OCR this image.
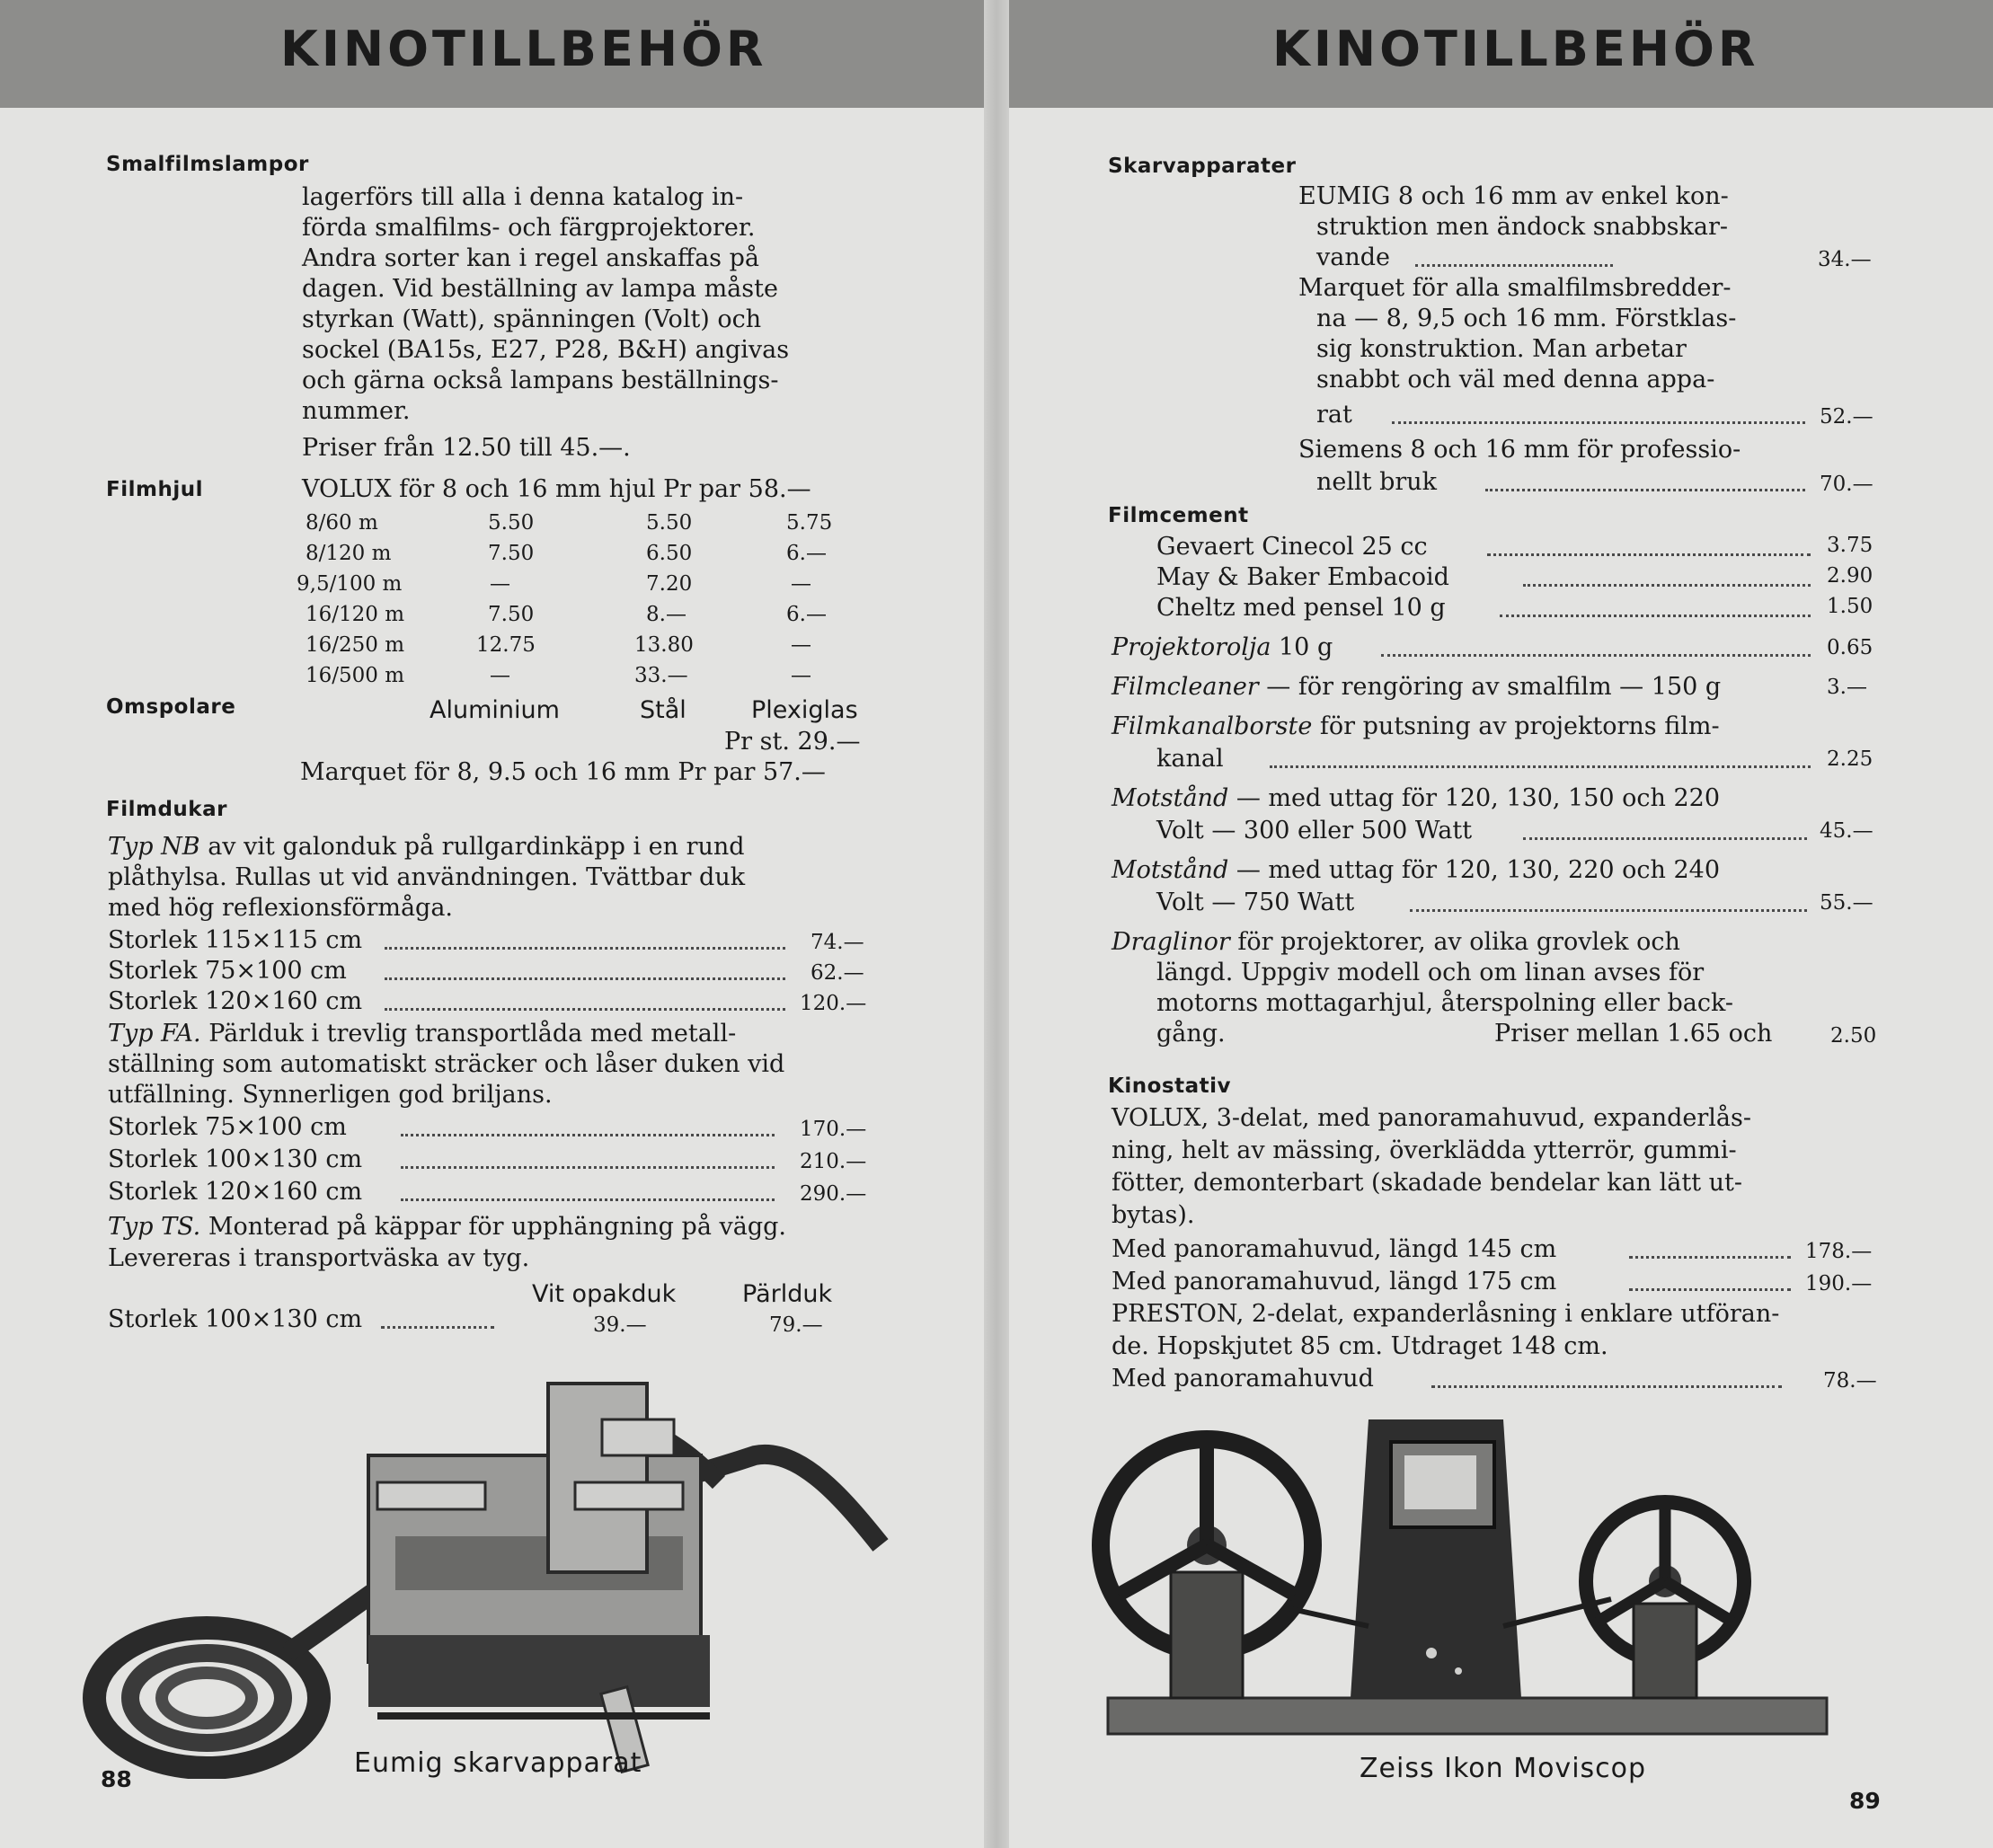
KINOTILLBEHÖR
Smalfilmslampor
lagerförs till alla i denna katalog in-
förda smalfilms- och färgprojektorer.
Andra sorter kan i regel anskaffas på
dagen. Vid beställning av lampa måste
styrkan (Watt), spänningen (Volt) och
sockel (BA15s, E27, P28, B&H) angivas
och gärna också lampans beställnings-
nummer.
Priser från 12.50 till 45.—.
Filmhjul	VOLUX för 8 och 16 mm hjul Pr par 58.—
8/60 m	5.50	5.50	5.75
8/120 m	7.50	6.50	6.—
9,5/100 m	—	7.20	—
16/120 m	7.50	8.—	6.—
16/250 m	12.75	13.80	—
16/500 m	—	33.—	—
Omspolare	Aluminium	Stål	Plexiglas
Pr st. 29.—
Marquet för 8, 9.5 och 16 mm Pr par 57.—
Filmdukar
Typ NB av vit galonduk på rullgardinkäpp i en rund
plåthylsa. Rullas ut vid användningen. Tvättbar duk
med hög reflexionsförmåga.
Storlek 115×115 cm	74.—
Storlek 75×100 cm	62.—
Storlek 120×160 cm	120.—
Typ FA. Pärlduk i trevlig transportlåda med metall-
ställning som automatiskt sträcker och låser duken vid
utfällning. Synnerligen god briljans.
Storlek 75×100 cm	170.—
Storlek 100×130 cm	210.—
Storlek 120×160 cm	290.—
Typ TS. Monterad på käppar för upphängning på vägg.
Levereras i transportväska av tyg.
Vit opakduk	Pärlduk
Storlek 100×130 cm	39.—	79.—
Eumig skarvapparat
88
KINOTILLBEHÖR
Skarvapparater
EUMIG 8 och 16 mm av enkel kon-
struktion men ändock snabbskar-
vande	34.—
Marquet för alla smalfilmsbredder-
na — 8, 9,5 och 16 mm. Förstklas-
sig konstruktion. Man arbetar
snabbt och väl med denna appa-
rat	52.—
Siemens 8 och 16 mm för professio-
nellt bruk	70.—
Filmcement
Gevaert Cinecol 25 cc	3.75
May & Baker Embacoid	2.90
Cheltz med pensel 10 g	1.50
Projektorolja 10 g	0.65
Filmcleaner — för rengöring av smalfilm — 150 g	3.—
Filmkanalborste för putsning av projektorns film-
kanal	2.25
Motstånd — med uttag för 120, 130, 150 och 220
Volt — 300 eller 500 Watt	45.—
Motstånd — med uttag för 120, 130, 220 och 240
Volt — 750 Watt	55.—
Draglinor för projektorer, av olika grovlek och
längd. Uppgiv modell och om linan avses för
motorns mottagarhjul, återspolning eller back-
gång.	Priser mellan 1.65 och	2.50
Kinostativ
VOLUX, 3-delat, med panoramahuvud, expanderlås-
ning, helt av mässing, överklädda ytterrör, gummi-
fötter, demonterbart (skadade bendelar kan lätt ut-
bytas).
Med panoramahuvud, längd 145 cm	178.—
Med panoramahuvud, längd 175 cm	190.—
PRESTON, 2-delat, expanderlåsning i enklare utföran-
de. Hopskjutet 85 cm. Utdraget 148 cm.
Med panoramahuvud	78.—
Zeiss Ikon Moviscop
89
